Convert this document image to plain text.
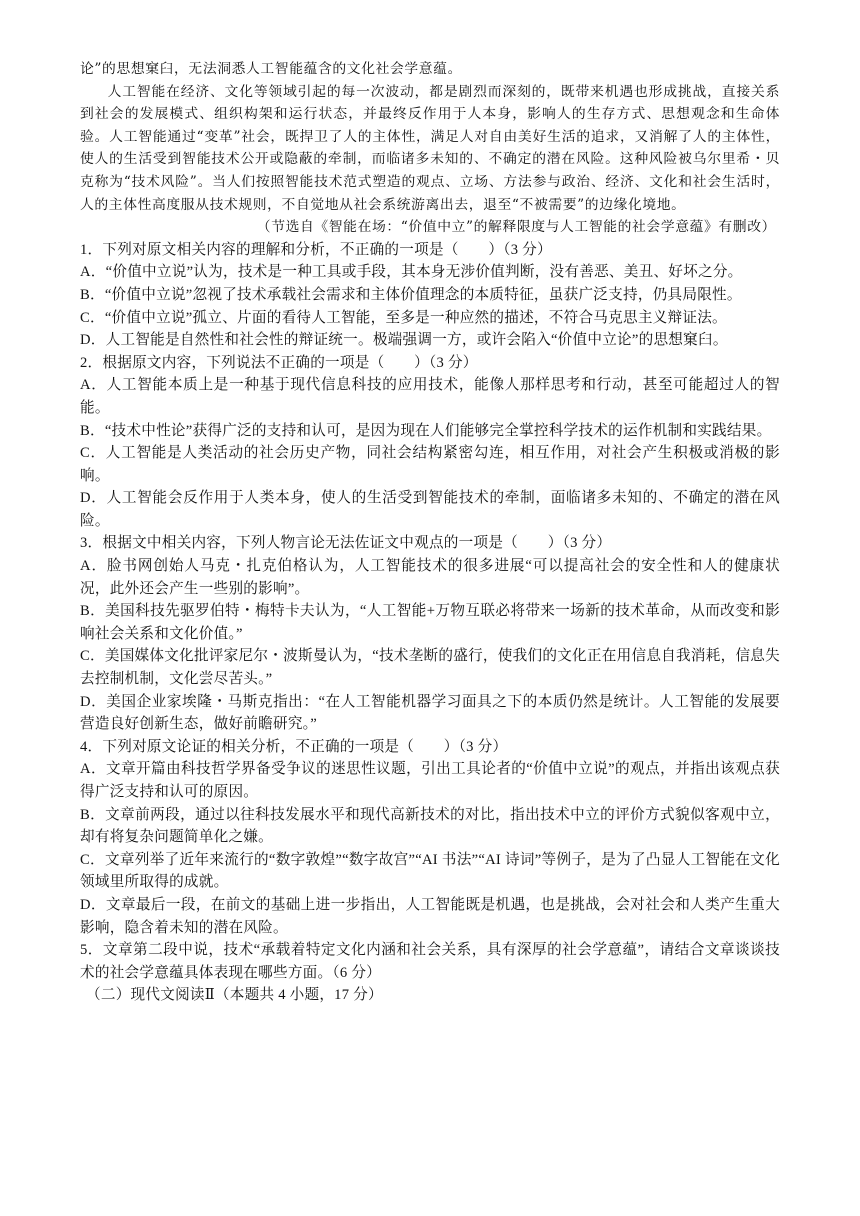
论”的思想窠臼，无法洞悉人工智能蕴含的文化社会学意蕴。
人工智能在经济、文化等领域引起的每一次波动，都是剧烈而深刻的，既带来机遇也形成挑战，直接关系到社会的发展模式、组织构架和运行状态，并最终反作用于人本身，影响人的生存方式、思想观念和生命体验。人工智能通过“变革”社会，既捍卫了人的主体性，满足人对自由美好生活的追求，又消解了人的主体性，使人的生活受到智能技术公开或隐蔽的牵制，而临诸多未知的、不确定的潜在风险。这种风险被乌尔里希・贝克称为“技术风险”。当人们按照智能技术范式塑造的观点、立场、方法参与政治、经济、文化和社会生活时，人的主体性高度服从技术规则，不自觉地从社会系统游离出去，退至“不被需要”的边缘化境地。
（节选自《智能在场：“价值中立”的解释限度与人工智能的社会学意蕴》有删改）
1．下列对原文相关内容的理解和分析，不正确的一项是（　　）（3 分）
A．“价值中立说”认为，技术是一种工具或手段，其本身无涉价值判断，没有善恶、美丑、好坏之分。
B．“价值中立说”忽视了技术承载社会需求和主体价值理念的本质特征，虽获广泛支持，仍具局限性。
C．“价值中立说”孤立、片面的看待人工智能，至多是一种应然的描述，不符合马克思主义辩证法。
D．人工智能是自然性和社会性的辩证统一。极端强调一方，或许会陷入“价值中立论”的思想窠臼。
2．根据原文内容，下列说法不正确的一项是（　　）（3 分）
A．人工智能本质上是一种基于现代信息科技的应用技术，能像人那样思考和行动，甚至可能超过人的智能。
B．“技术中性论”获得广泛的支持和认可，是因为现在人们能够完全掌控科学技术的运作机制和实践结果。
C．人工智能是人类活动的社会历史产物，同社会结构紧密勾连，相互作用，对社会产生积极或消极的影响。
D．人工智能会反作用于人类本身，使人的生活受到智能技术的牵制，面临诸多未知的、不确定的潜在风险。
3．根据文中相关内容，下列人物言论无法佐证文中观点的一项是（　　）（3 分）
A．脸书网创始人马克・扎克伯格认为，人工智能技术的很多进展“可以提高社会的安全性和人的健康状况，此外还会产生一些别的影响”。
B．美国科技先驱罗伯特・梅特卡夫认为，“人工智能+万物互联必将带来一场新的技术革命，从而改变和影响社会关系和文化价值。”
C．美国媒体文化批评家尼尔・波斯曼认为，“技术垄断的盛行，使我们的文化正在用信息自我消耗，信息失去控制机制，文化尝尽苦头。”
D．美国企业家埃隆・马斯克指出：“在人工智能机器学习面具之下的本质仍然是统计。人工智能的发展要营造良好创新生态，做好前瞻研究。”
4．下列对原文论证的相关分析，不正确的一项是（　　）（3 分）
A．文章开篇由科技哲学界备受争议的迷思性议题，引出工具论者的“价值中立说”的观点，并指出该观点获得广泛支持和认可的原因。
B．文章前两段，通过以往科技发展水平和现代高新技术的对比，指出技术中立的评价方式貌似客观中立，却有将复杂问题简单化之嫌。
C．文章列举了近年来流行的“数字敦煌”“数字故宫”“AI 书法”“AI 诗词”等例子，是为了凸显人工智能在文化领域里所取得的成就。
D．文章最后一段，在前文的基础上进一步指出，人工智能既是机遇，也是挑战，会对社会和人类产生重大影响，隐含着未知的潜在风险。
5．文章第二段中说，技术“承载着特定文化内涵和社会关系，具有深厚的社会学意蕴”，请结合文章谈谈技术的社会学意蕴具体表现在哪些方面。（6 分）
（二）现代文阅读Ⅱ（本题共 4 小题，17 分）
